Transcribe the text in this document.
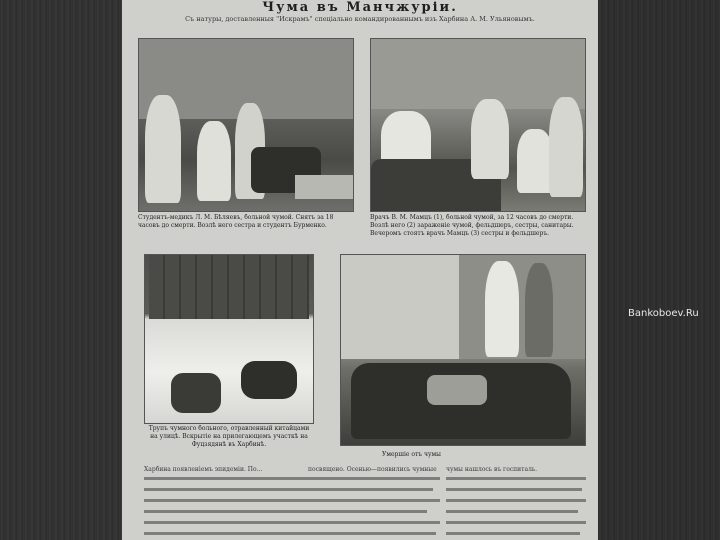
Bankoboev.Ru
Чума въ Манчжуріи.
Съ натуры, доставленныя "Искрамъ" спеціально командированнымъ изъ Харбина А. М. Ульяновымъ.
Студентъ-медикъ Л. М. Бѣляевъ, больной чумой. Снятъ за 18 часовъ до смерти. Возлѣ него сестра и студентъ Бурменко.
Врачъ В. М. Мамцъ (1), больной чумой, за 12 часовъ до смерти. Возлѣ него (2) зараженіе чумой, фельдшеръ, сестры, санитары. Вечеромъ стоятъ врачъ Мамцъ (3) сестры и фельдшеръ.
Трупъ чумного больного, отравленный китайцами на улицѣ. Вскрытіе на прилегающемъ участкѣ на Фуцзядянѣ въ Харбинѣ.
Умершіе отъ чумы
Харбина появленіемъ эпидеміи. По...	посвящено. Осенью—появились чумные	чумы нашлось въ госпиталь.
